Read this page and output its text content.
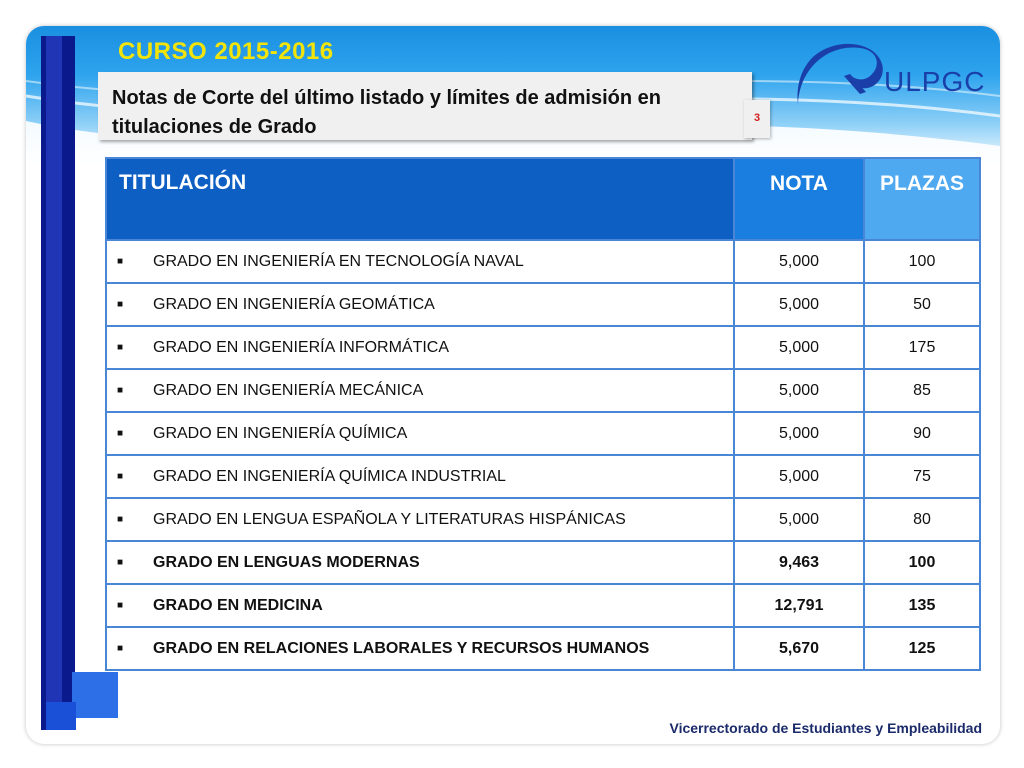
CURSO 2015-2016
Notas de Corte del último listado y límites de admisión en titulaciones de Grado	3
ULPGC
TITULACIÓN	NOTA	PLAZAS

■ GRADO EN INGENIERÍA EN TECNOLOGÍA NAVAL	5,000	100
■ GRADO EN INGENIERÍA GEOMÁTICA	5,000	50
■ GRADO EN INGENIERÍA INFORMÁTICA	5,000	175
■ GRADO EN INGENIERÍA MECÁNICA	5,000	85
■ GRADO EN INGENIERÍA QUÍMICA	5,000	90
■ GRADO EN INGENIERÍA QUÍMICA INDUSTRIAL	5,000	75
■ GRADO EN LENGUA ESPAÑOLA Y LITERATURAS HISPÁNICAS	5,000	80
■ GRADO EN LENGUAS MODERNAS	9,463	100
■ GRADO EN MEDICINA	12,791	135
■ GRADO EN RELACIONES LABORALES Y RECURSOS HUMANOS	5,670	125
Vicerrectorado de Estudiantes y Empleabilidad
